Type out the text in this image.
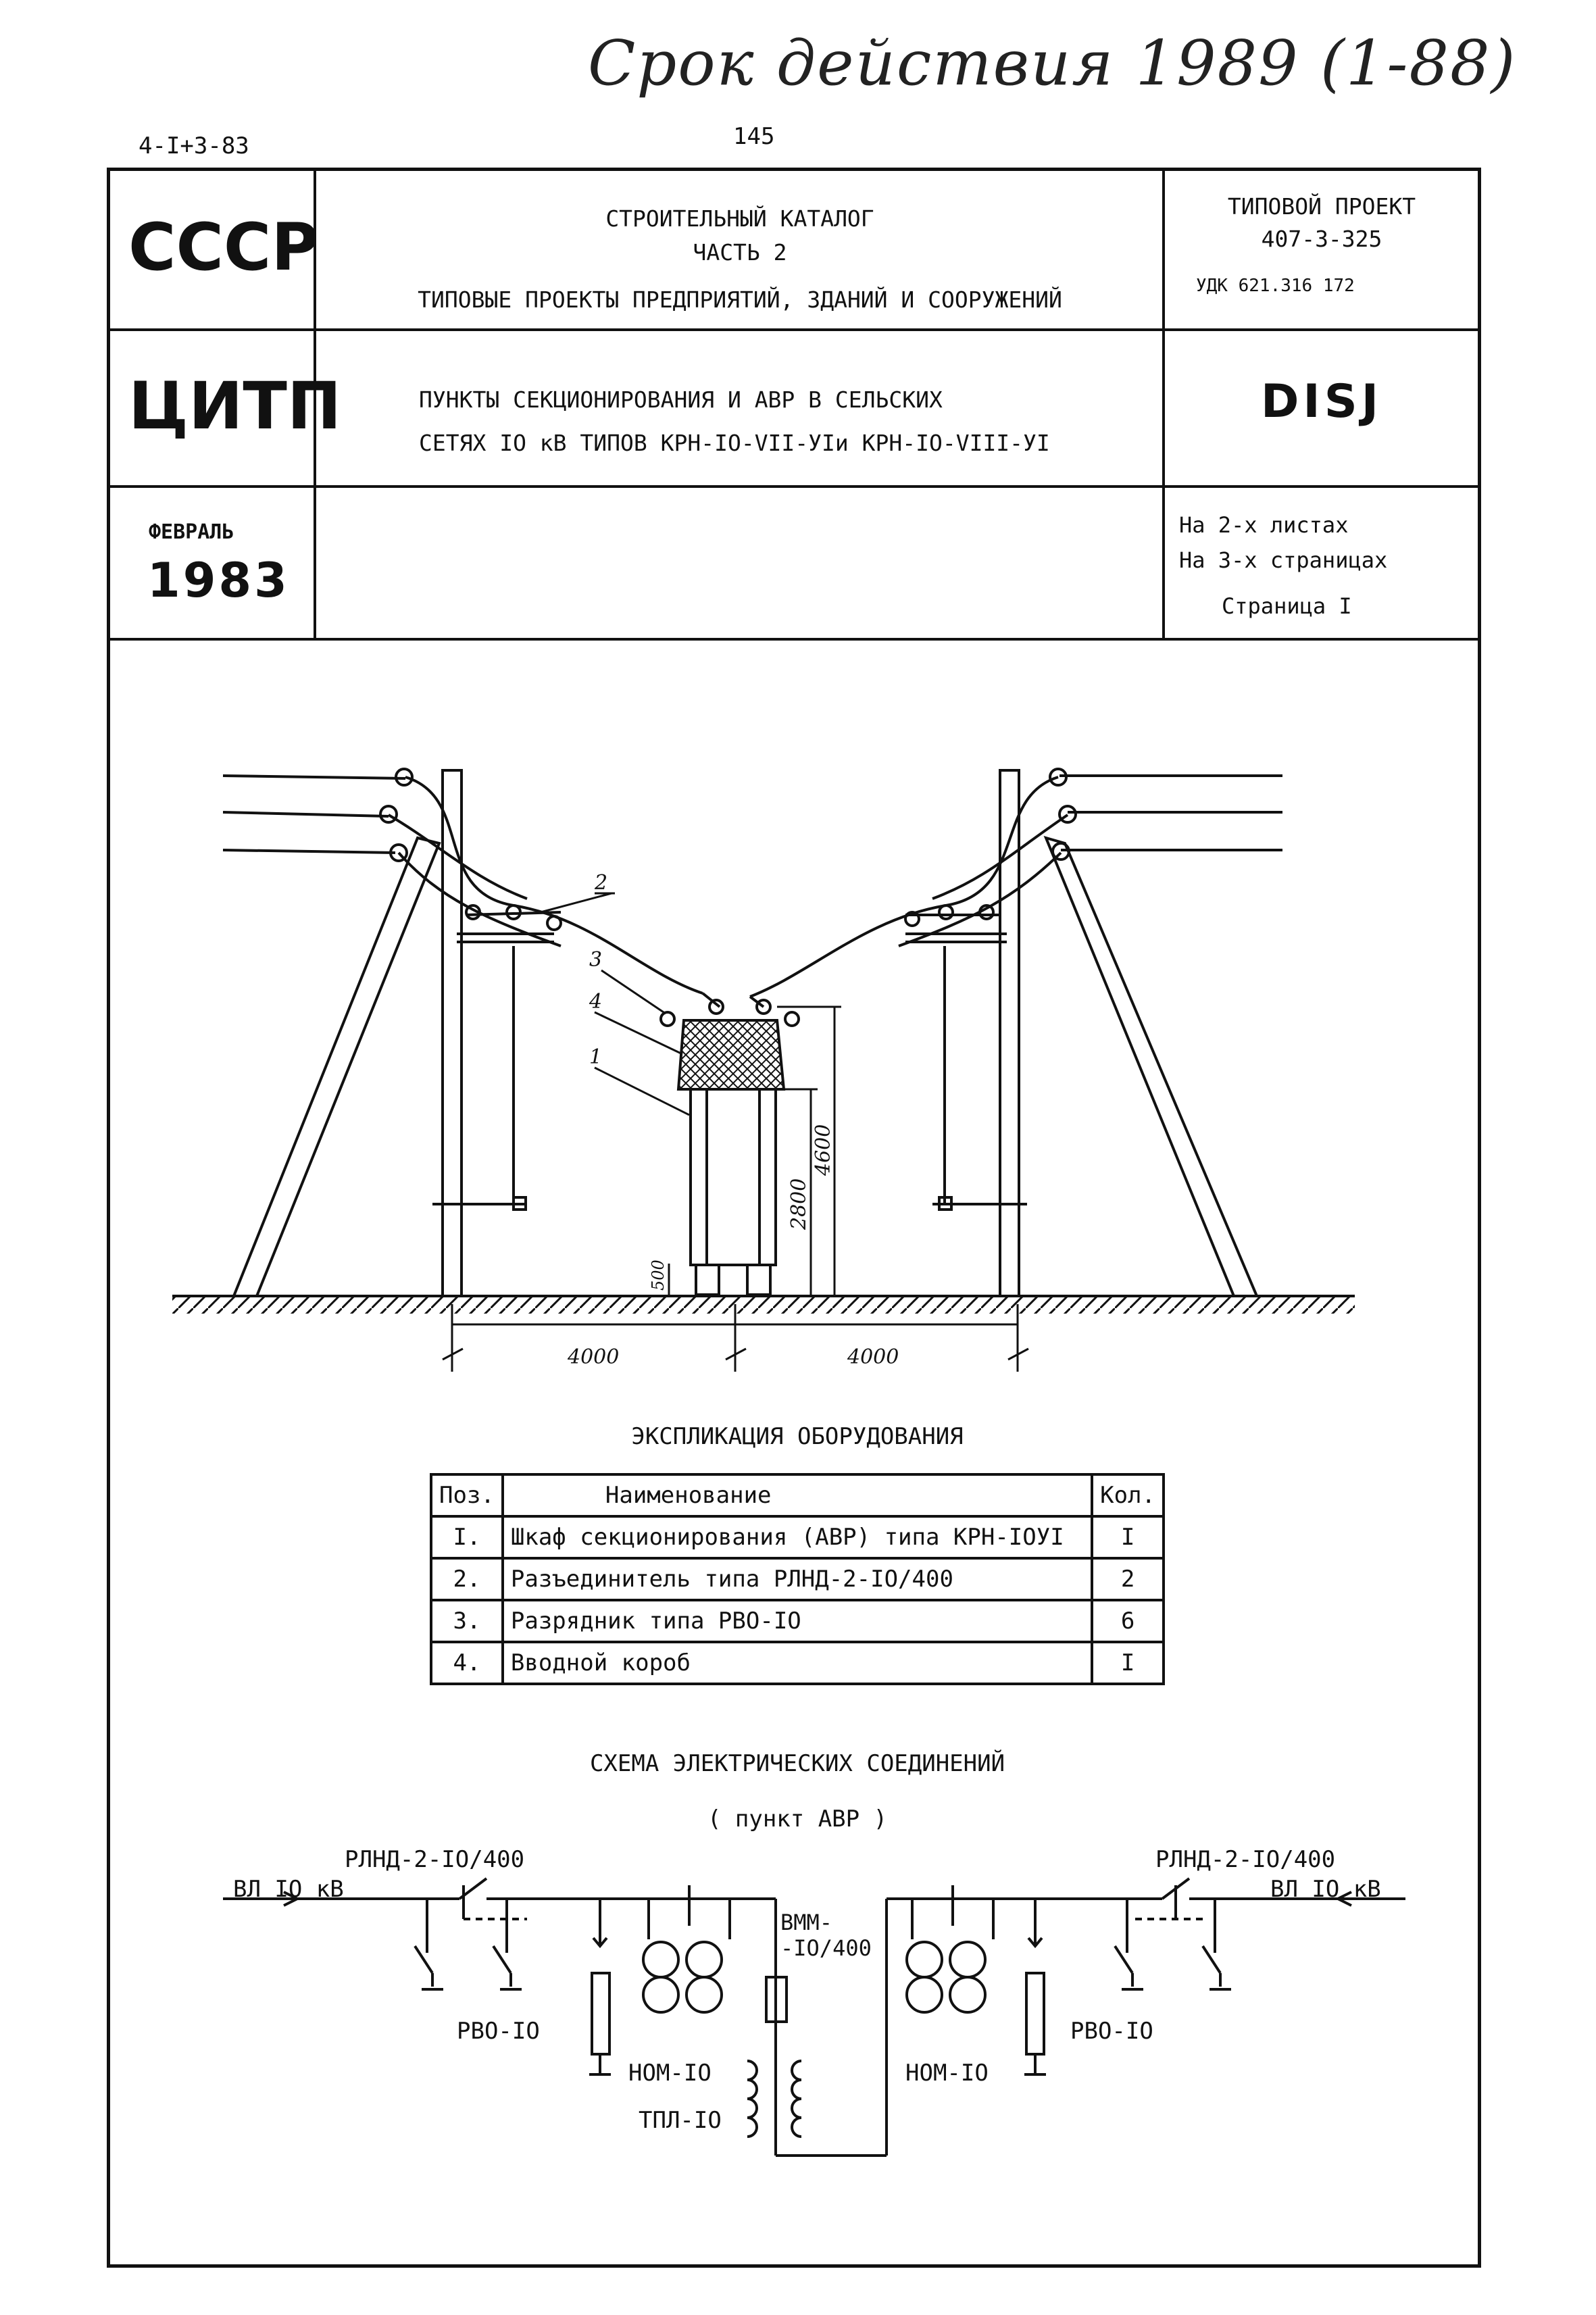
Срок действия 1989 (1-88)
4-I+3-83	145
СССР	СТРОИТЕЛЬНЫЙ КАТАЛОГ
ЧАСТЬ 2
ТИПОВЫЕ ПРОЕКТЫ ПРЕДПРИЯТИЙ, ЗДАНИЙ И СООРУЖЕНИЙ
ТИПОВОЙ ПРОЕКТ
407-3-325
УДК 621.316 172
ЦИТП	ПУНКТЫ СЕКЦИОНИРОВАНИЯ И АВР В СЕЛЬСКИХ
СЕТЯХ IO кВ ТИПОВ КРН-IO-VII-УIи КРН-IO-VIII-УI
DISJ
ФЕВРАЛЬ
1983
На 2-х листах
На 3-х страницах
Страница I
2
3
4
1
4000	4000
4600
2800
500
ЭКСПЛИКАЦИЯ ОБОРУДОВАНИЯ
Поз.	Наименование	Кол.
I.	Шкаф секционирования (АВР) типа КРН-IOУI	I
2.	Разъединитель типа РЛНД-2-IO/400	2
3.	Разрядник типа РВО-IO	6
4.	Вводной короб	I
СХЕМА ЭЛЕКТРИЧЕСКИХ СОЕДИНЕНИЙ
( пункт АВР )
РЛНД-2-IO/400	РЛНД-2-IO/400
ВЛ IO кВ	ВЛ IO кВ
ВММ-
-IO/400
РВО-IO	РВО-IO
НОМ-IO	НОМ-IO
ТПЛ-IO
